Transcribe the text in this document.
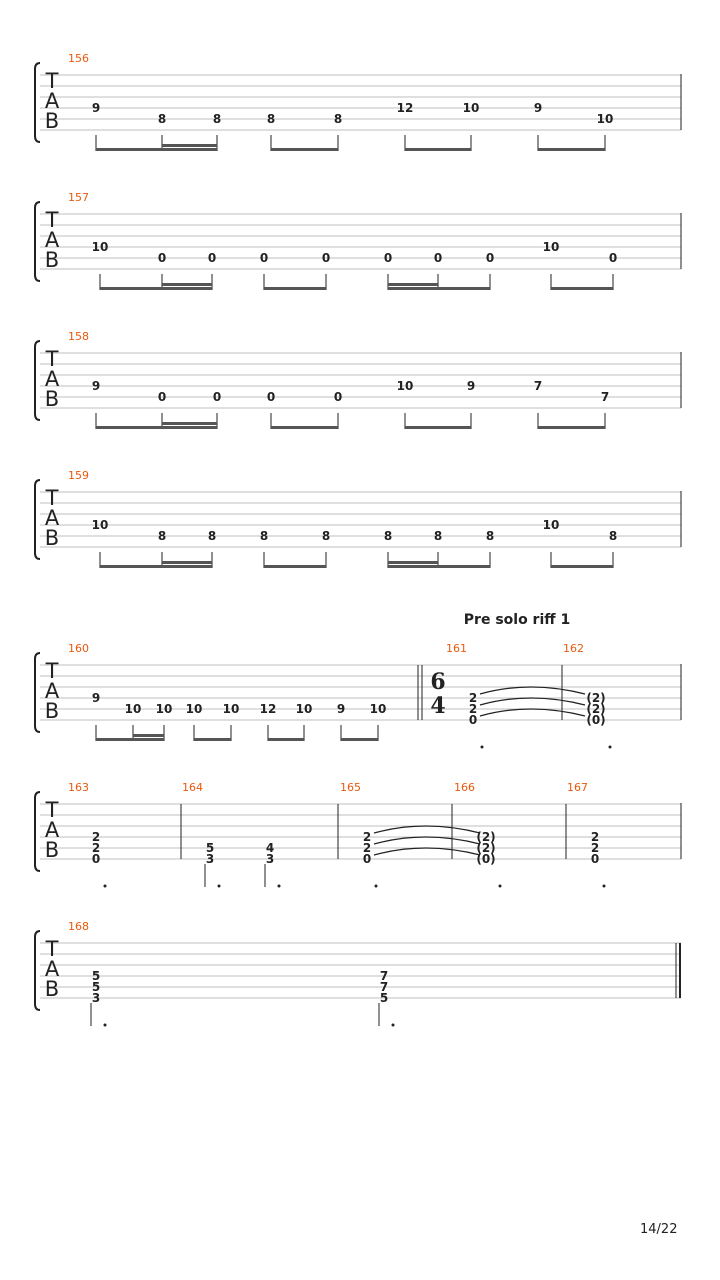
T
A
B
156
9
8	8	8	8
12	10	9
10
T
A
B
157
10
0	0	0	0	0	0	0
10
0
T
A
B
158
9
0	0	0	0
10	9	7
7
T
A
B
159
10
8	8	8	8	8	8	8
10
8
T
A
B
160
9
10 10 10 10 12 10 9 10
Pre solo riff 1
6
4
161
2
2
0
162
(2)
(2)
(0)
T
A
B
163
2
2
0
164
5
3
4
3
165
2
2
0
166
(2)
(2)
(0)
167
2
2
0
T
A
B
168
5
5
3
7
7
5
14/22
